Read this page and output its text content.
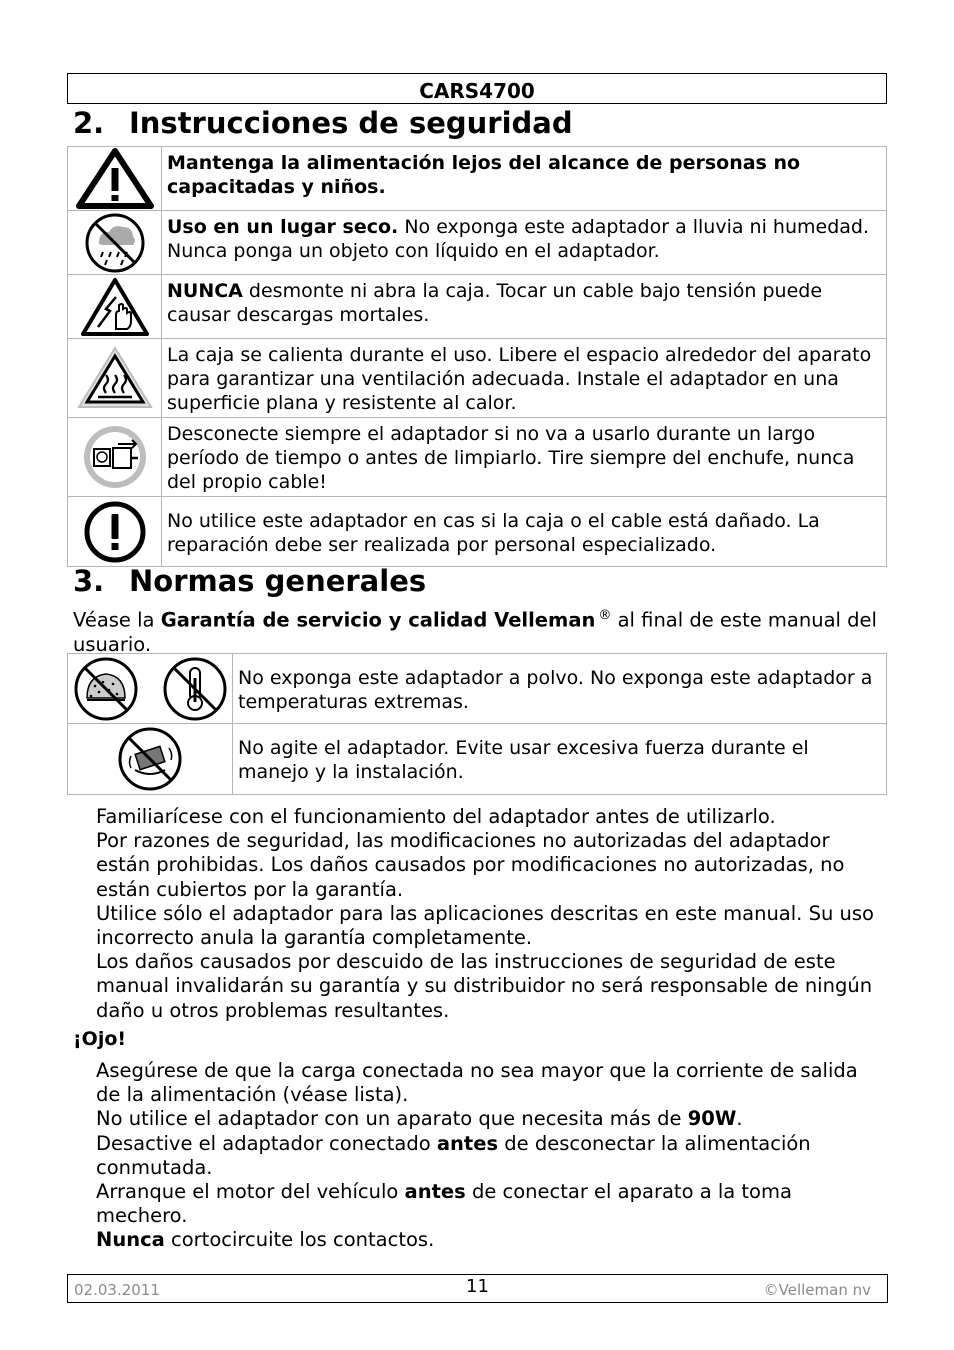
CARS4700
2. Instrucciones de seguridad
	Mantenga la alimentación lejos del alcance de personas no capacitadas y niños.

	Uso en un lugar seco. No exponga este adaptador a lluvia ni humedad. Nunca ponga un objeto con líquido en el adaptador.

	NUNCA desmonte ni abra la caja. Tocar un cable bajo tensión puede causar descargas mortales.

	La caja se calienta durante el uso. Libere el espacio alrededor del aparato para garantizar una ventilación adecuada. Instale el adaptador en una superficie plana y resistente al calor.

	Desconecte siempre el adaptador si no va a usarlo durante un largo período de tiempo o antes de limpiarlo. Tire siempre del enchufe, nunca del propio cable!

	No utilice este adaptador en cas si la caja o el cable está dañado. La reparación debe ser realizada por personal especializado.
3. Normas generales
Véase la Garantía de servicio y calidad Velleman ® al final de este manual del usuario.
	No exponga este adaptador a polvo. No exponga este adaptador a temperaturas extremas.

	No agite el adaptador. Evite usar excesiva fuerza durante el manejo y la instalación.

Familiarícese con el funcionamiento del adaptador antes de utilizarlo.

Por razones de seguridad, las modificaciones no autorizadas del adaptador están prohibidas. Los daños causados por modificaciones no autorizadas, no están cubiertos por la garantía.

Utilice sólo el adaptador para las aplicaciones descritas en este manual. Su uso incorrecto anula la garantía completamente.

Los daños causados por descuido de las instrucciones de seguridad de este manual invalidarán su garantía y su distribuidor no será responsable de ningún daño u otros problemas resultantes.

¡Ojo!

Asegúrese de que la carga conectada no sea mayor que la corriente de salida de la alimentación (véase lista).

No utilice el adaptador con un aparato que necesita más de 90W.

Desactive el adaptador conectado antes de desconectar la alimentación conmutada.

Arranque el motor del vehículo antes de conectar el aparato a la toma mechero.

Nunca cortocircuite los contactos.

02.03.2011	11	©Velleman nv
